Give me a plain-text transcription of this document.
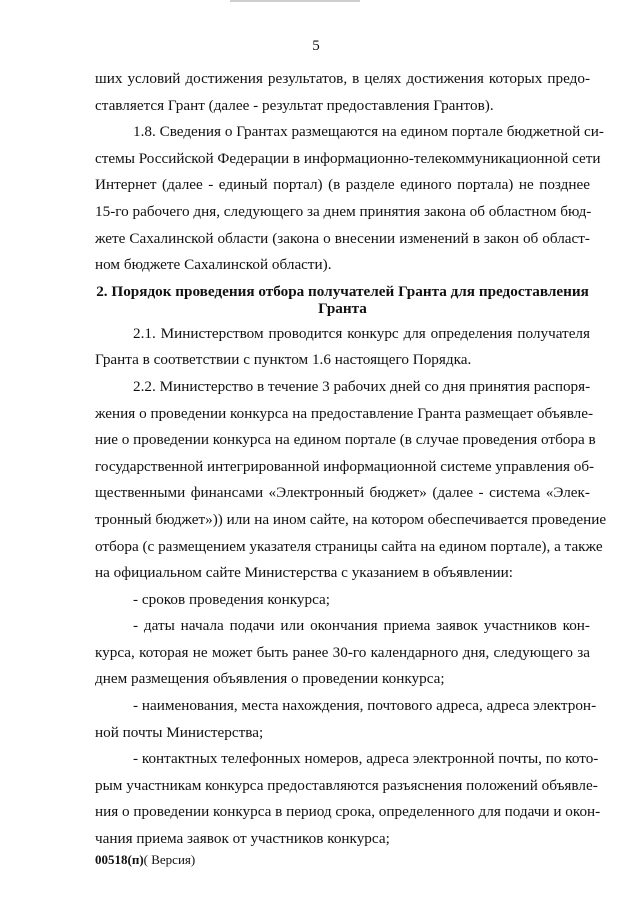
5
ших условий достижения результатов, в целях достижения которых предо-
ставляется Грант (далее - результат предоставления Грантов).
1.8. Сведения о Грантах размещаются на едином портале бюджетной си-
стемы Российской Федерации в информационно-телекоммуникационной сети
Интернет (далее - единый портал) (в разделе единого портала) не позднее
15-го рабочего дня, следующего за днем принятия закона об областном бюд-
жете Сахалинской области (закона о внесении изменений в закон об област-
ном бюджете Сахалинской области).
2. Порядок проведения отбора получателей Гранта для предоставления
Гранта
2.1. Министерством проводится конкурс для определения получателя
Гранта в соответствии с пунктом 1.6 настоящего Порядка.
2.2. Министерство в течение 3 рабочих дней со дня принятия распоря-
жения о проведении конкурса на предоставление Гранта размещает объявле-
ние о проведении конкурса на едином портале (в случае проведения отбора в
государственной интегрированной информационной системе управления об-
щественными финансами «Электронный бюджет» (далее - система «Элек-
тронный бюджет»)) или на ином сайте, на котором обеспечивается проведение
отбора (с размещением указателя страницы сайта на едином портале), а также
на официальном сайте Министерства с указанием в объявлении:
- сроков проведения конкурса;
- даты начала подачи или окончания приема заявок участников кон-
курса, которая не может быть ранее 30-го календарного дня, следующего за
днем размещения объявления о проведении конкурса;
- наименования, места нахождения, почтового адреса, адреса электрон-
ной почты Министерства;
- контактных телефонных номеров, адреса электронной почты, по кото-
рым участникам конкурса предоставляются разъяснения положений объявле-
ния о проведении конкурса в период срока, определенного для подачи и окон-
чания приема заявок от участников конкурса;
00518(п)( Версия)
